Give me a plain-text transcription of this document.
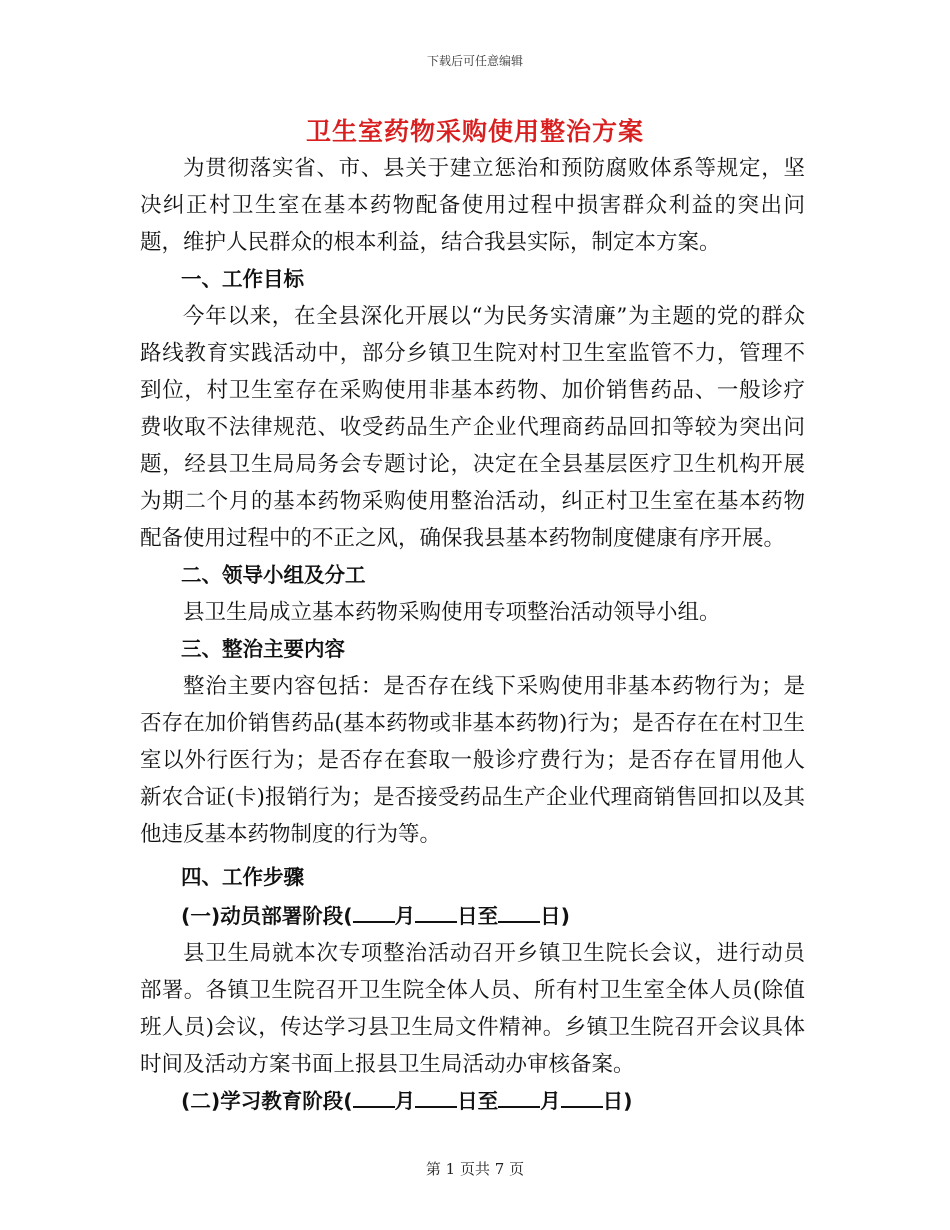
下载后可任意编辑
卫生室药物采购使用整治方案

为贯彻落实省、市、县关于建立惩治和预防腐败体系等规定，坚决纠正村卫生室在基本药物配备使用过程中损害群众利益的突出问题，维护人民群众的根本利益，结合我县实际，制定本方案。

一、工作目标

今年以来，在全县深化开展以“为民务实清廉”为主题的党的群众路线教育实践活动中，部分乡镇卫生院对村卫生室监管不力，管理不到位，村卫生室存在采购使用非基本药物、加价销售药品、一般诊疗费收取不法律规范、收受药品生产企业代理商药品回扣等较为突出问题，经县卫生局局务会专题讨论，决定在全县基层医疗卫生机构开展为期二个月的基本药物采购使用整治活动，纠正村卫生室在基本药物配备使用过程中的不正之风，确保我县基本药物制度健康有序开展。

二、领导小组及分工

县卫生局成立基本药物采购使用专项整治活动领导小组。

三、整治主要内容

整治主要内容包括：是否存在线下采购使用非基本药物行为；是否存在加价销售药品(基本药物或非基本药物)行为；是否存在在村卫生室以外行医行为；是否存在套取一般诊疗费行为；是否存在冒用他人新农合证(卡)报销行为；是否接受药品生产企业代理商销售回扣以及其他违反基本药物制度的行为等。

四、工作步骤

(一)动员部署阶段( 月 日至 日)

县卫生局就本次专项整治活动召开乡镇卫生院长会议，进行动员部署。各镇卫生院召开卫生院全体人员、所有村卫生室全体人员(除值班人员)会议，传达学习县卫生局文件精神。乡镇卫生院召开会议具体时间及活动方案书面上报县卫生局活动办审核备案。

(二)学习教育阶段( 月 日至 月 日)

第 1 页共 7 页
